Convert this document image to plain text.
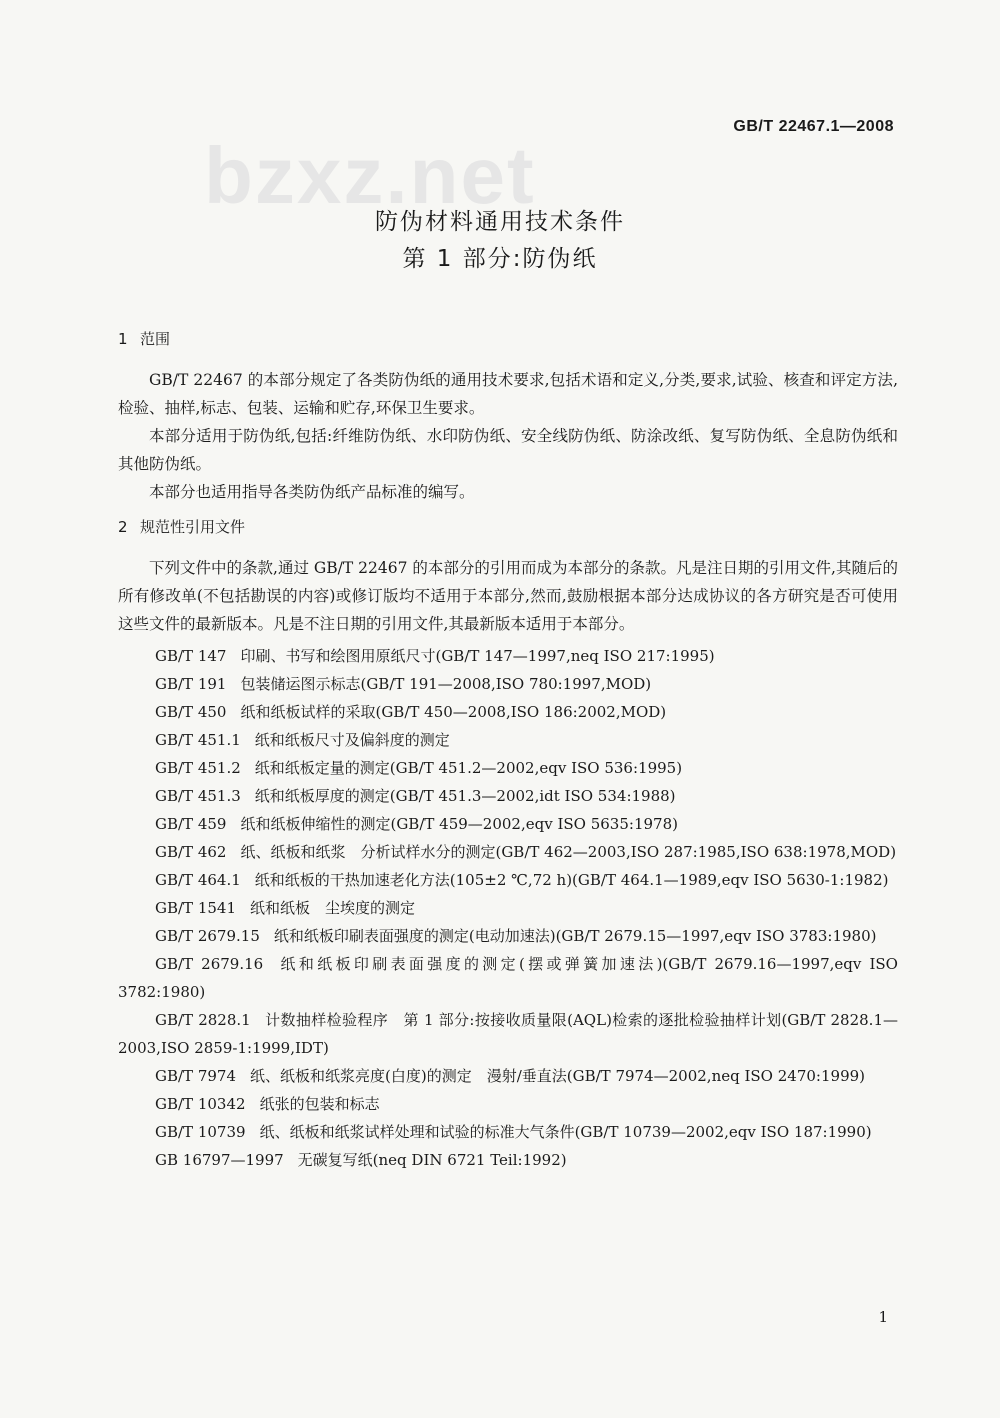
bzxz.net
GB/T 22467.1—2008
防伪材料通用技术条件
第 1 部分:防伪纸
1 范围

GB/T 22467 的本部分规定了各类防伪纸的通用技术要求,包括术语和定义,分类,要求,试验、核查和评定方法,检验、抽样,标志、包装、运输和贮存,环保卫生要求。

本部分适用于防伪纸,包括:纤维防伪纸、水印防伪纸、安全线防伪纸、防涂改纸、复写防伪纸、全息防伪纸和其他防伪纸。

本部分也适用指导各类防伪纸产品标准的编写。

2 规范性引用文件

下列文件中的条款,通过 GB/T 22467 的本部分的引用而成为本部分的条款。凡是注日期的引用文件,其随后的所有修改单(不包括勘误的内容)或修订版均不适用于本部分,然而,鼓励根据本部分达成协议的各方研究是否可使用这些文件的最新版本。凡是不注日期的引用文件,其最新版本适用于本部分。

GB/T 147 印刷、书写和绘图用原纸尺寸(GB/T 147—1997,neq ISO 217:1995)

GB/T 191 包装储运图示标志(GB/T 191—2008,ISO 780:1997,MOD)

GB/T 450 纸和纸板试样的采取(GB/T 450—2008,ISO 186:2002,MOD)

GB/T 451.1 纸和纸板尺寸及偏斜度的测定

GB/T 451.2 纸和纸板定量的测定(GB/T 451.2—2002,eqv ISO 536:1995)

GB/T 451.3 纸和纸板厚度的测定(GB/T 451.3—2002,idt ISO 534:1988)

GB/T 459 纸和纸板伸缩性的测定(GB/T 459—2002,eqv ISO 5635:1978)

GB/T 462 纸、纸板和纸浆　分析试样水分的测定(GB/T 462—2003,ISO 287:1985,ISO 638:1978,MOD)

GB/T 464.1 纸和纸板的干热加速老化方法(105±2 ℃,72 h)(GB/T 464.1—1989,eqv ISO 5630-1:1982)

GB/T 1541 纸和纸板　尘埃度的测定

GB/T 2679.15 纸和纸板印刷表面强度的测定(电动加速法)(GB/T 2679.15—1997,eqv ISO 3783:1980)

GB/T 2679.16 纸和纸板印刷表面强度的测定(摆或弹簧加速法)(GB/T 2679.16—1997,eqv ISO 3782:1980)

GB/T 2828.1 计数抽样检验程序　第 1 部分:按接收质量限(AQL)检索的逐批检验抽样计划(GB/T 2828.1—2003,ISO 2859-1:1999,IDT)

GB/T 7974 纸、纸板和纸浆亮度(白度)的测定　漫射/垂直法(GB/T 7974—2002,neq ISO 2470:1999)

GB/T 10342 纸张的包装和标志

GB/T 10739 纸、纸板和纸浆试样处理和试验的标准大气条件(GB/T 10739—2002,eqv ISO 187:1990)

GB 16797—1997 无碳复写纸(neq DIN 6721 Teil:1992)

1
